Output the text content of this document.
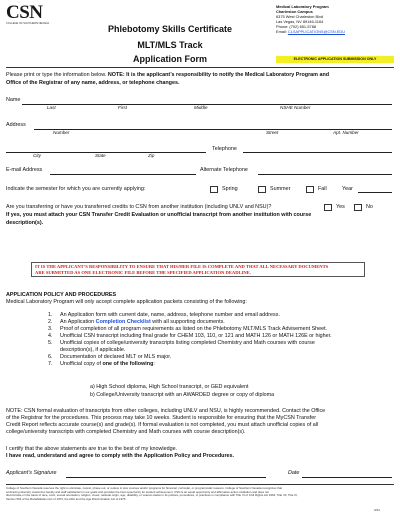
CSN
COLLEGE OF SOUTHERN NEVADA
Phlebotomy Skills Certificate
MLT/MLS Track
Application Form
Medical Laboratory Program
Charleston Campus
6375 West Charleston Blvd
Las Vegas, NV 89146-1164
Phone: (702) 651-5788
Email: CLSAPPLICATIONS@CSN.EDU
ELECTRONIC APPLICATION SUBMISSION ONLY
Please print or type the information below. NOTE: It is the applicant’s responsibility to notify the Medical Laboratory Program and
Office of the Registrar of any name, address, or telephone changes.
Name
Last	First	Middle	NSHE Number
Address
Number	Street	Apt. Number
Telephone
City	State	Zip
E-mail Address	Alternate Telephone
Indicate the semester for which you are currently applying:	Spring	Summer	Fall	Year
Are you transferring or have you transferred credits to CSN from another institution (including UNLV and NSU)?	Yes	No
If yes, you must attach your CSN Transfer Credit Evaluation or unofficial transcript from another institution with course
description(s).
IT IS THE APPLICANT’S RESPONSIBILITY TO ENSURE THAT HIS/HER FILE IS COMPLETE AND THAT ALL NECESSARY DOCUMENTS
ARE SUBMITTED AS ONE ELECTRONIC FILE BEFORE THE SPECIFIED APPLICATION DEADLINE.
APPLICATION POLICY AND PROCEDURES
Medical Laboratory Program will only accept complete application packets consisting of the following:
1. An Application form with current date, name, address, telephone number and email address.
2. An Application Completion Checklist with all supporting documents.
3. Proof of completion of all program requirements as listed on the Phlebotomy MLT/MLS Track Advisement Sheet.
4. Unofficial CSN transcript including final grade for CHEM 103, 110, or 121 and MATH 126 or MATH 126E or higher.
5. Unofficial copies of college/university transcripts listing completed Chemistry and Math courses with course
description(s), if applicable.
6. Documentation of declared MLT or MLS major.
7. Unofficial copy of one of the following:
a) High School diploma, High School transcript, or GED equivalent
b) College/University transcript with an AWARDED degree or copy of diploma
NOTE: CSN formal evaluation of transcripts from other colleges, including UNLV and NSU, is highly recommended. Contact the Office
of the Registrar for the procedures. This process may take 10 weeks. Student is responsible for ensuring that the MyCSN Transfer
Credit Report reflects accurate course(s) and grade(s). If formal evaluation is not completed, you must attach unofficial copies of all
college/university transcripts with completed Chemistry and Math courses with course description(s).
I certify that the above statements are true to the best of my knowledge.
I have read, understand and agree to comply with the Application Policy and Procedures.
Applicant’s Signature	Date
College of Southern Nevada reserves the right to eliminate, cancel, phase out, or reduce in size courses and/or programs for financial, curricular, or programmatic reasons. College of Southern Nevada recognizes that
embracing diversity maximizes faculty and staff satisfaction in our goals and provides the best opportunity for student achievement. CSN is an equal opportunity and affirmative action institution and does not
discriminate on the basis of race, color, sexual orientation, religion, creed, national origin, age, disability, or veteran status in its policies, procedures, or practices in compliance with Title VI of Civil Rights Act 1964, Title VII, Title IX,
Section 504 of the Rehabilitation Act of 1973, the ADA and the Age Discrimination Act of 1975.
3/24
